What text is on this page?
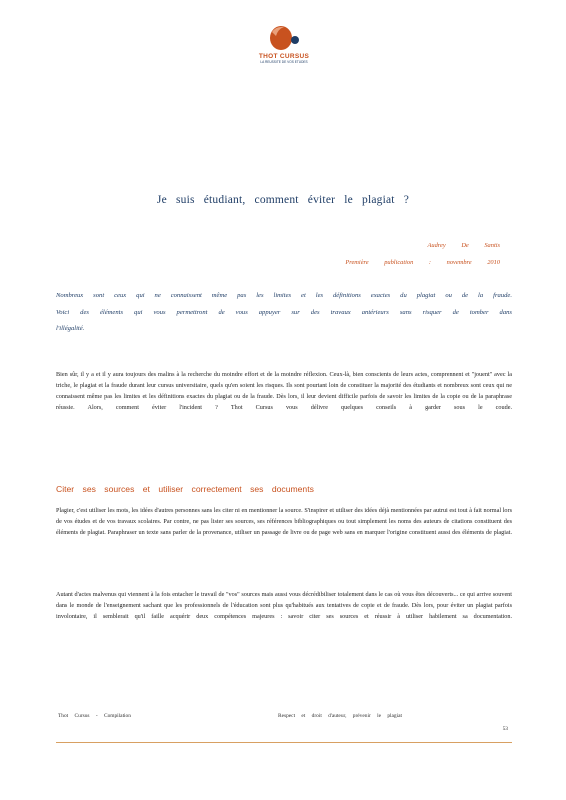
THOT CURSUS
LA REUSSITE DE VOS ETUDES
Je suis étudiant, comment éviter le plagiat ?
Audrey De Santis
Première publication : novembre 2010

Nombreux sont ceux qui ne connaissent même pas les limites et les définitions exactes du plagiat ou de la fraude. Voici des éléments qui vous permettront de vous appuyer sur des travaux antérieurs sans risquer de tomber dans l'illégalité.

Bien sûr, il y a et il y aura toujours des malins à la recherche du moindre effort et de la moindre réflexion. Ceux-là, bien conscients de leurs actes, comprennent et "jouent" avec la triche, le plagiat et la fraude durant leur cursus universitaire, quels qu'en soient les risques. Ils sont pourtant loin de constituer la majorité des étudiants et nombreux sont ceux qui ne connaissent même pas les limites et les définitions exactes du plagiat ou de la fraude. Dès lors, il leur devient difficile parfois de savoir les limites de la copie ou de la paraphrase réussie. Alors, comment éviter l'incident ? Thot Cursus vous délivre quelques conseils à garder sous le coude.

Citer ses sources et utiliser correctement ses documents

Plagier, c'est utiliser les mots, les idées d'autres personnes sans les citer ni en mentionner la source. S'inspirer et utiliser des idées déjà mentionnées par autrui est tout à fait normal lors de vos études et de vos travaux scolaires. Par contre, ne pas lister ses sources, ses références bibliographiques ou tout simplement les noms des auteurs de citations constituent des éléments de plagiat. Paraphraser un texte sans parler de la provenance, utiliser un passage de livre ou de page web sans en marquer l'origine constituent aussi des éléments de plagiat.

Autant d'actes malvenus qui viennent à la fois entacher le travail de "vos" sources mais aussi vous décrédibiliser totalement dans le cas où vous êtes découverts... ce qui arrive souvent dans le monde de l'enseignement sachant que les professionnels de l'éducation sont plus qu'habitués aux tentatives de copie et de fraude. Dès lors, pour éviter un plagiat parfois involontaire, il semblerait qu'il faille acquérir deux compétences majeures : savoir citer ses sources et réussir à utiliser habilement sa documentation.

Thot Cursus - Compilation	Respect et droit d'auteur, prévenir le plagiat
53
